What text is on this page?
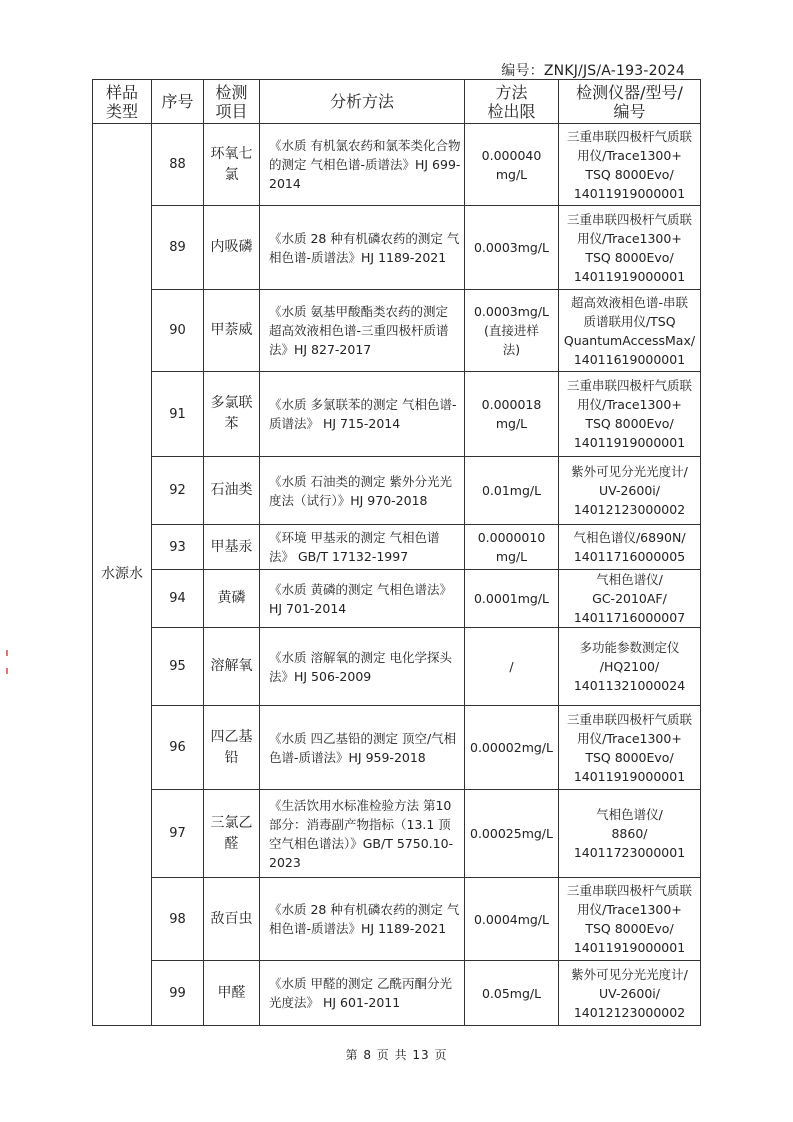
编号：ZNKJ/JS/A-193-2024
样品
类型	序号	检测
项目	分析方法	方法
检出限	检测仪器/型号/
编号
水源水	88	环氧七
氯	《水质 有机氯农药和氯苯类化合物的测定 气相色谱-质谱法》HJ 699-2014	0.000040
mg/L	三重串联四极杆气质联
用仪/Trace1300+
TSQ 8000Evo/
14011919000001
	89	内吸磷	《水质 28 种有机磷农药的测定 气相色谱-质谱法》HJ 1189-2021	0.0003mg/L	三重串联四极杆气质联
用仪/Trace1300+
TSQ 8000Evo/
14011919000001
	90	甲萘威	《水质 氨基甲酸酯类农药的测定 超高效液相色谱-三重四极杆质谱法》HJ 827-2017	0.0003mg/L
(直接进样
法)	超高效液相色谱-串联
质谱联用仪/TSQ
QuantumAccessMax/
14011619000001
	91	多氯联
苯	《水质 多氯联苯的测定 气相色谱-质谱法》 HJ 715-2014	0.000018
mg/L	三重串联四极杆气质联
用仪/Trace1300+
TSQ 8000Evo/
14011919000001
	92	石油类	《水质 石油类的测定 紫外分光光度法（试行）》HJ 970-2018	0.01mg/L	紫外可见分光光度计/
UV-2600i/
14012123000002
	93	甲基汞	《环境 甲基汞的测定 气相色谱法》 GB/T 17132-1997	0.0000010
mg/L	气相色谱仪/6890N/
14011716000005
	94	黄磷	《水质 黄磷的测定 气相色谱法》HJ 701-2014	0.0001mg/L	气相色谱仪/
GC-2010AF/
14011716000007
	95	溶解氧	《水质 溶解氧的测定 电化学探头法》HJ 506-2009	/	多功能参数测定仪
/HQ2100/
14011321000024
	96	四乙基
铅	《水质 四乙基铅的测定 顶空/气相色谱-质谱法》HJ 959-2018	0.00002mg/L	三重串联四极杆气质联
用仪/Trace1300+
TSQ 8000Evo/
14011919000001
	97	三氯乙
醛	《生活饮用水标准检验方法 第10部分：消毒副产物指标（13.1 顶空气相色谱法）》GB/T 5750.10-2023	0.00025mg/L	气相色谱仪/
8860/
14011723000001
	98	敌百虫	《水质 28 种有机磷农药的测定 气相色谱-质谱法》HJ 1189-2021	0.0004mg/L	三重串联四极杆气质联
用仪/Trace1300+
TSQ 8000Evo/
14011919000001
	99	甲醛	《水质 甲醛的测定 乙酰丙酮分光光度法》 HJ 601-2011	0.05mg/L	紫外可见分光光度计/
UV-2600i/
14012123000002
第 8 页 共 13 页
